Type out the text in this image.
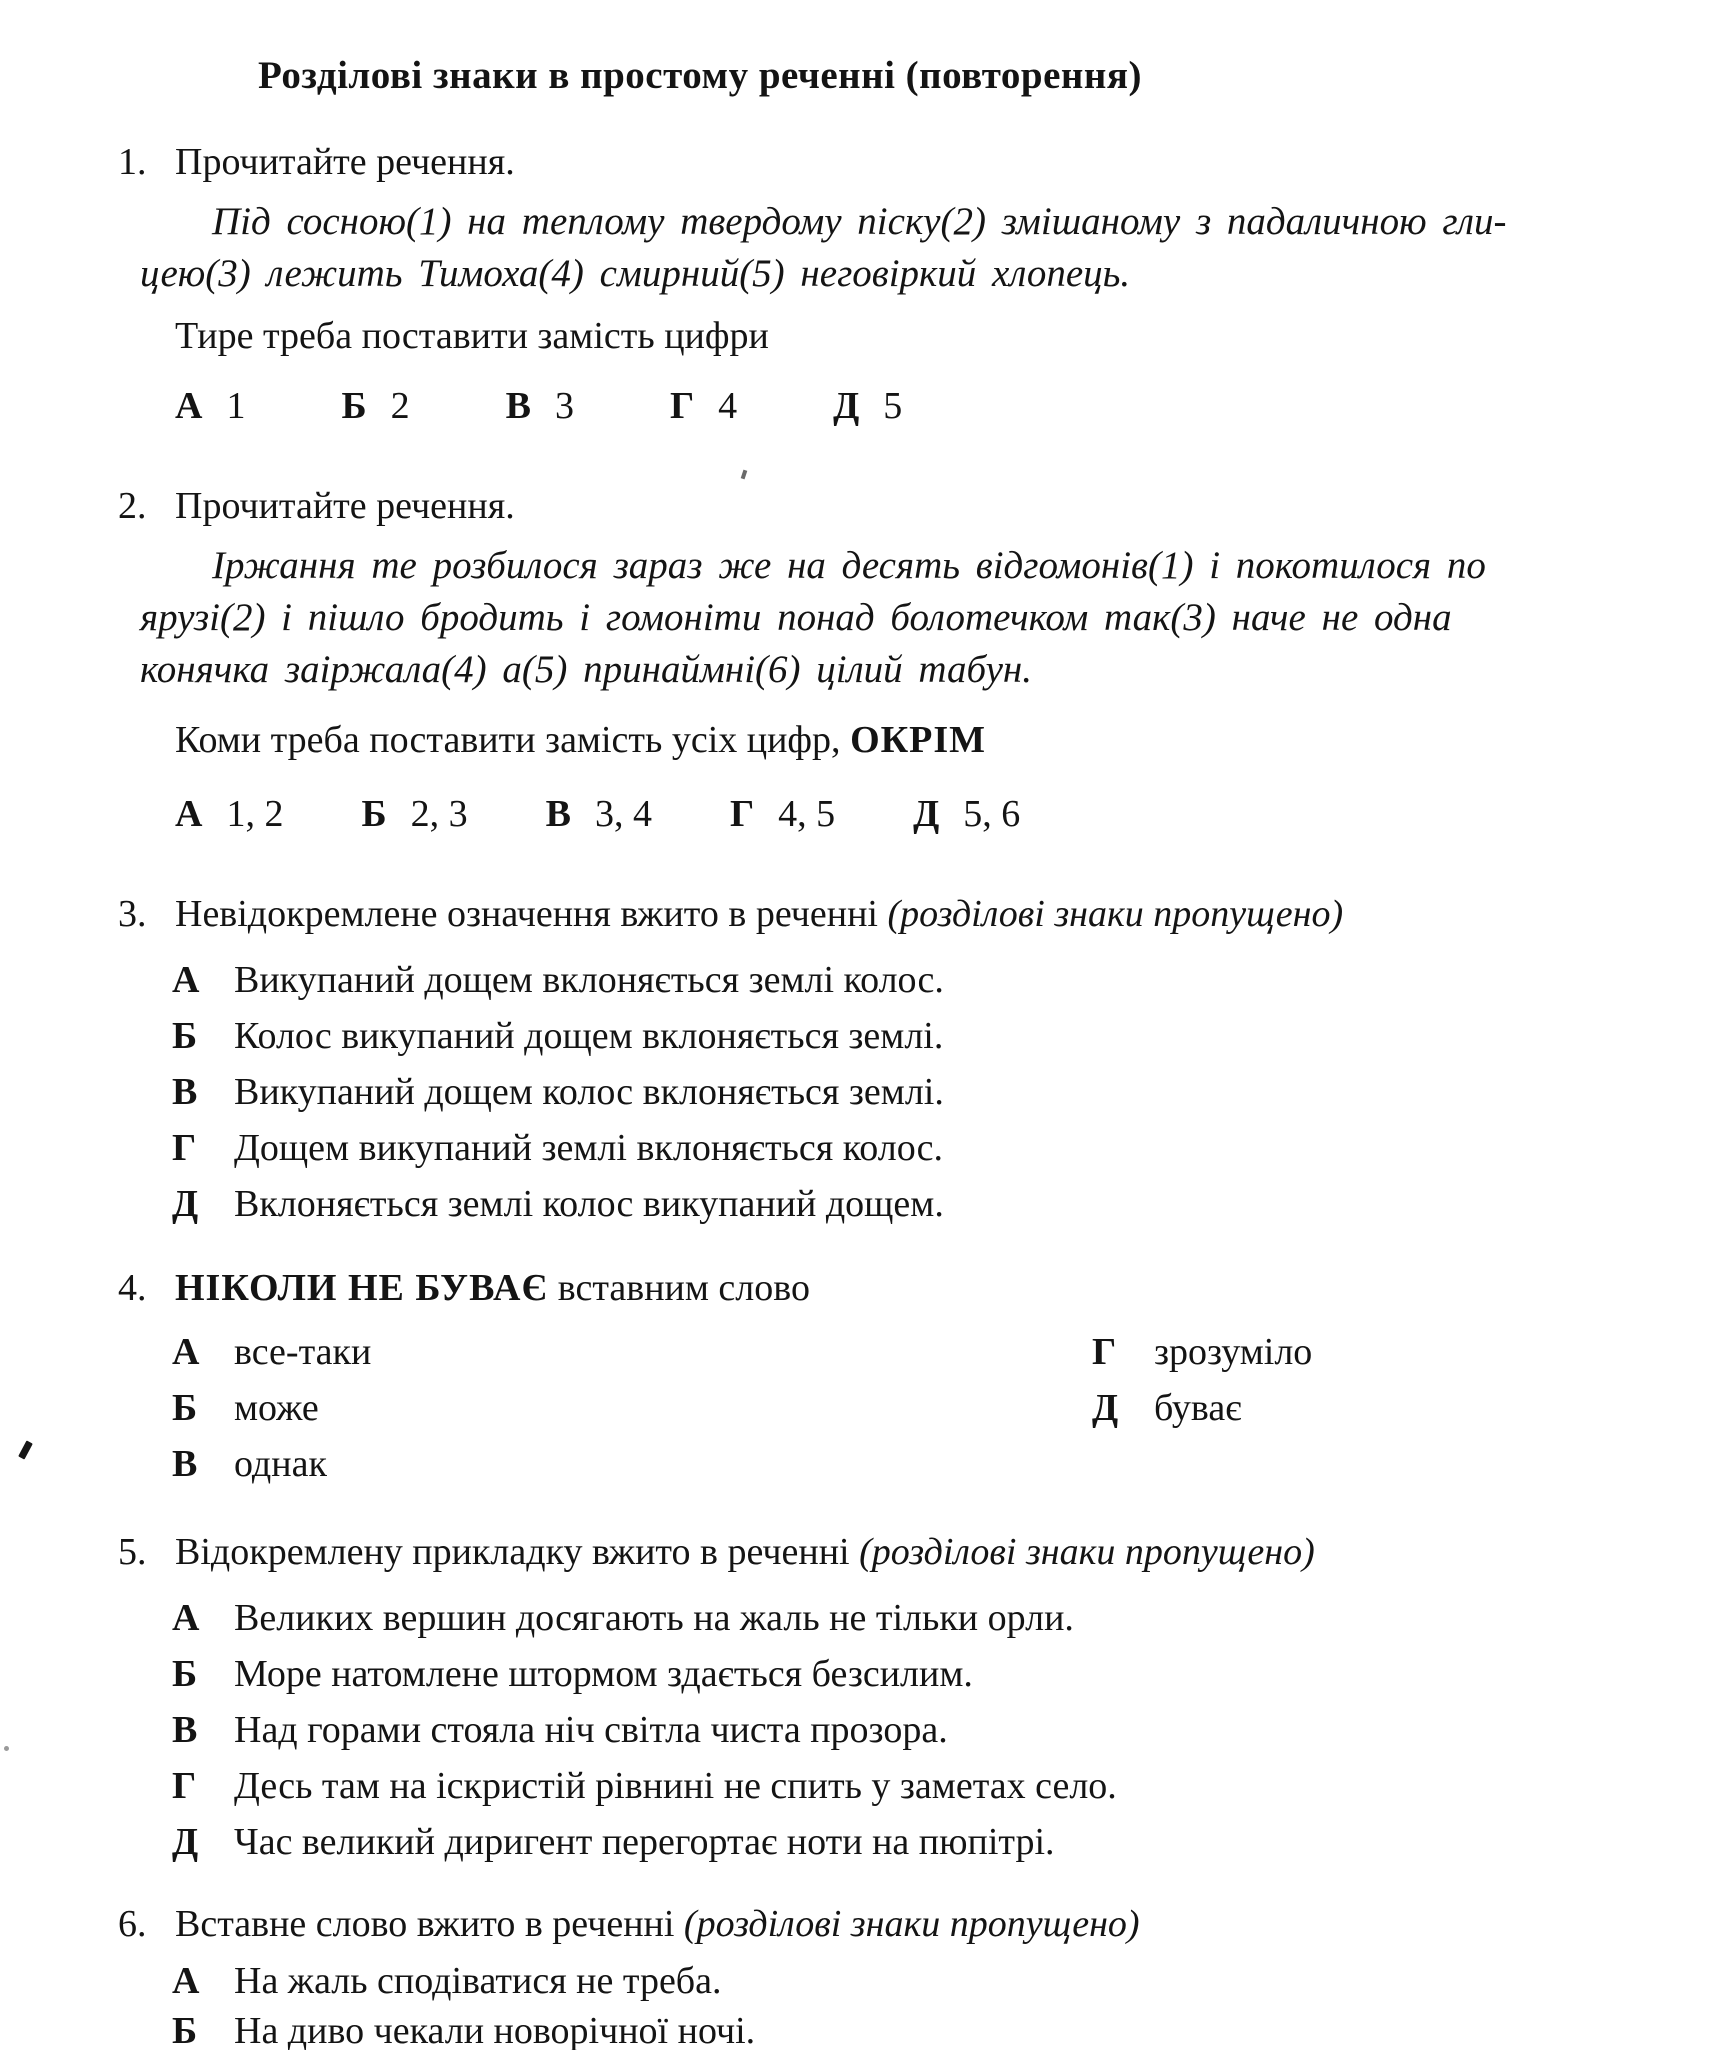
Розділові знаки в простому реченні (повторення)
1. Прочитайте речення.
Під сосною(1) на теплому твердому піску(2) змішаному з падаличною гли-
цею(3) лежить Тимоха(4) смирний(5) неговіркий хлопець.
Тире треба поставити замість цифри
А 1	Б 2	В 3	Г 4	Д 5
2. Прочитайте речення.
Іржання те розбилося зараз же на десять відгомонів(1) і покотилося по
ярузі(2) і пішло бродить і гомоніти понад болотечком так(3) наче не одна
конячка заіржала(4) а(5) принаймні(6) цілий табун.
Коми треба поставити замість усіх цифр, ОКРІМ
А 1, 2 Б 2, 3 В 3, 4 Г 4, 5 Д 5, 6
3. Невідокремлене означення вжито в реченні (розділові знаки пропущено)
А Викупаний дощем вклоняється землі колос.
Б Колос викупаний дощем вклоняється землі.
В Викупаний дощем колос вклоняється землі.
Г Дощем викупаний землі вклоняється колос.
Д Вклоняється землі колос викупаний дощем.
4. НІКОЛИ НЕ БУВАЄ вставним слово
А все-таки
Б може
В однак
Г зрозуміло
Д буває
5. Відокремлену прикладку вжито в реченні (розділові знаки пропущено)
А Великих вершин досягають на жаль не тільки орли.
Б Море натомлене штормом здається безсилим.
В Над горами стояла ніч світла чиста прозора.
Г Десь там на іскристій рівнині не спить у заметах село.
Д Час великий диригент перегортає ноти на пюпітрі.
6. Вставне слово вжито в реченні (розділові знаки пропущено)
А На жаль сподіватися не треба.
Б На диво чекали новорічної ночі.
